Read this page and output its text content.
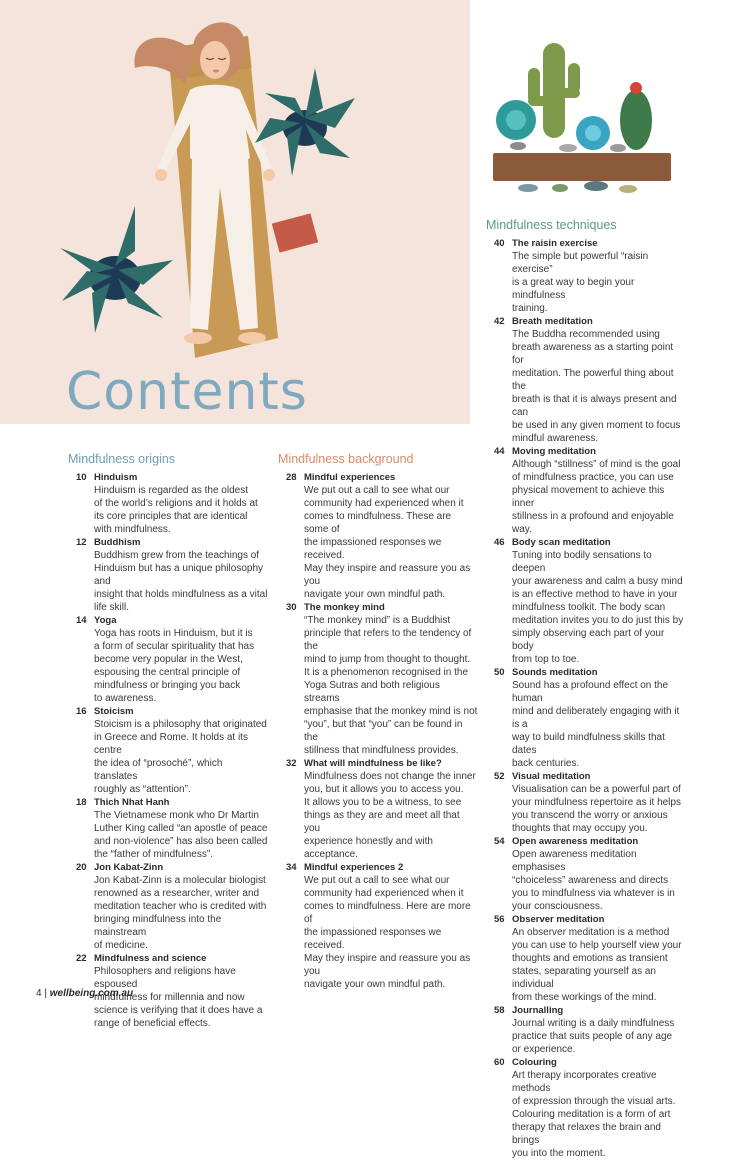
Contents
Mindfulness origins
10 Hinduism
Hinduism is regarded as the oldest
of the world’s religions and it holds at
its core principles that are identical
with mindfulness.
12 Buddhism
Buddhism grew from the teachings of
Hinduism but has a unique philosophy and
insight that holds mindfulness as a vital
life skill.
14 Yoga
Yoga has roots in Hinduism, but it is
a form of secular spirituality that has
become very popular in the West,
espousing the central principle of
mindfulness or bringing you back
to awareness.
16 Stoicism
Stoicism is a philosophy that originated
in Greece and Rome. It holds at its centre
the idea of “prosoché”, which translates
roughly as “attention”.
18 Thich Nhat Hanh
The Vietnamese monk who Dr Martin
Luther King called “an apostle of peace
and non-violence” has also been called
the “father of mindfulness”.
20 Jon Kabat-Zinn
Jon Kabat-Zinn is a molecular biologist
renowned as a researcher, writer and
meditation teacher who is credited with
bringing mindfulness into the mainstream
of medicine.
22 Mindfulness and science
Philosophers and religions have espoused
mindfulness for millennia and now
science is verifying that it does have a
range of beneficial effects.
Mindfulness background
28 Mindful experiences
We put out a call to see what our
community had experienced when it
comes to mindfulness. These are some of
the impassioned responses we received.
May they inspire and reassure you as you
navigate your own mindful path.
30 The monkey mind
“The monkey mind” is a Buddhist
principle that refers to the tendency of the
mind to jump from thought to thought.
It is a phenomenon recognised in the
Yoga Sutras and both religious streams
emphasise that the monkey mind is not
“you”, but that “you” can be found in the
stillness that mindfulness provides.
32 What will mindfulness be like?
Mindfulness does not change the inner
you, but it allows you to access you.
It allows you to be a witness, to see
things as they are and meet all that you
experience honestly and with acceptance.
34 Mindful experiences 2
We put out a call to see what our
community had experienced when it
comes to mindfulness. Here are more of
the impassioned responses we received.
May they inspire and reassure you as you
navigate your own mindful path.
Mindfulness techniques
40 The raisin exercise
The simple but powerful “raisin exercise”
is a great way to begin your mindfulness
training.
42 Breath meditation
The Buddha recommended using
breath awareness as a starting point for
meditation. The powerful thing about the
breath is that it is always present and can
be used in any given moment to focus
mindful awareness.
44 Moving meditation
Although “stillness” of mind is the goal
of mindfulness practice, you can use
physical movement to achieve this inner
stillness in a profound and enjoyable way.
46 Body scan meditation
Tuning into bodily sensations to deepen
your awareness and calm a busy mind
is an effective method to have in your
mindfulness toolkit. The body scan
meditation invites you to do just this by
simply observing each part of your body
from top to toe.
50 Sounds meditation
Sound has a profound effect on the human
mind and deliberately engaging with it is a
way to build mindfulness skills that dates
back centuries.
52 Visual meditation
Visualisation can be a powerful part of
your mindfulness repertoire as it helps
you transcend the worry or anxious
thoughts that may occupy you.
54 Open awareness meditation
Open awareness meditation emphasises
“choiceless” awareness and directs
you to mindfulness via whatever is in
your consciousness.
56 Observer meditation
An observer meditation is a method
you can use to help yourself view your
thoughts and emotions as transient
states, separating yourself as an individual
from these workings of the mind.
58 Journalling
Journal writing is a daily mindfulness
practice that suits people of any age
or experience.
60 Colouring
Art therapy incorporates creative methods
of expression through the visual arts.
Colouring meditation is a form of art
therapy that relaxes the brain and brings
you into the moment.
4 | wellbeing.com.au
